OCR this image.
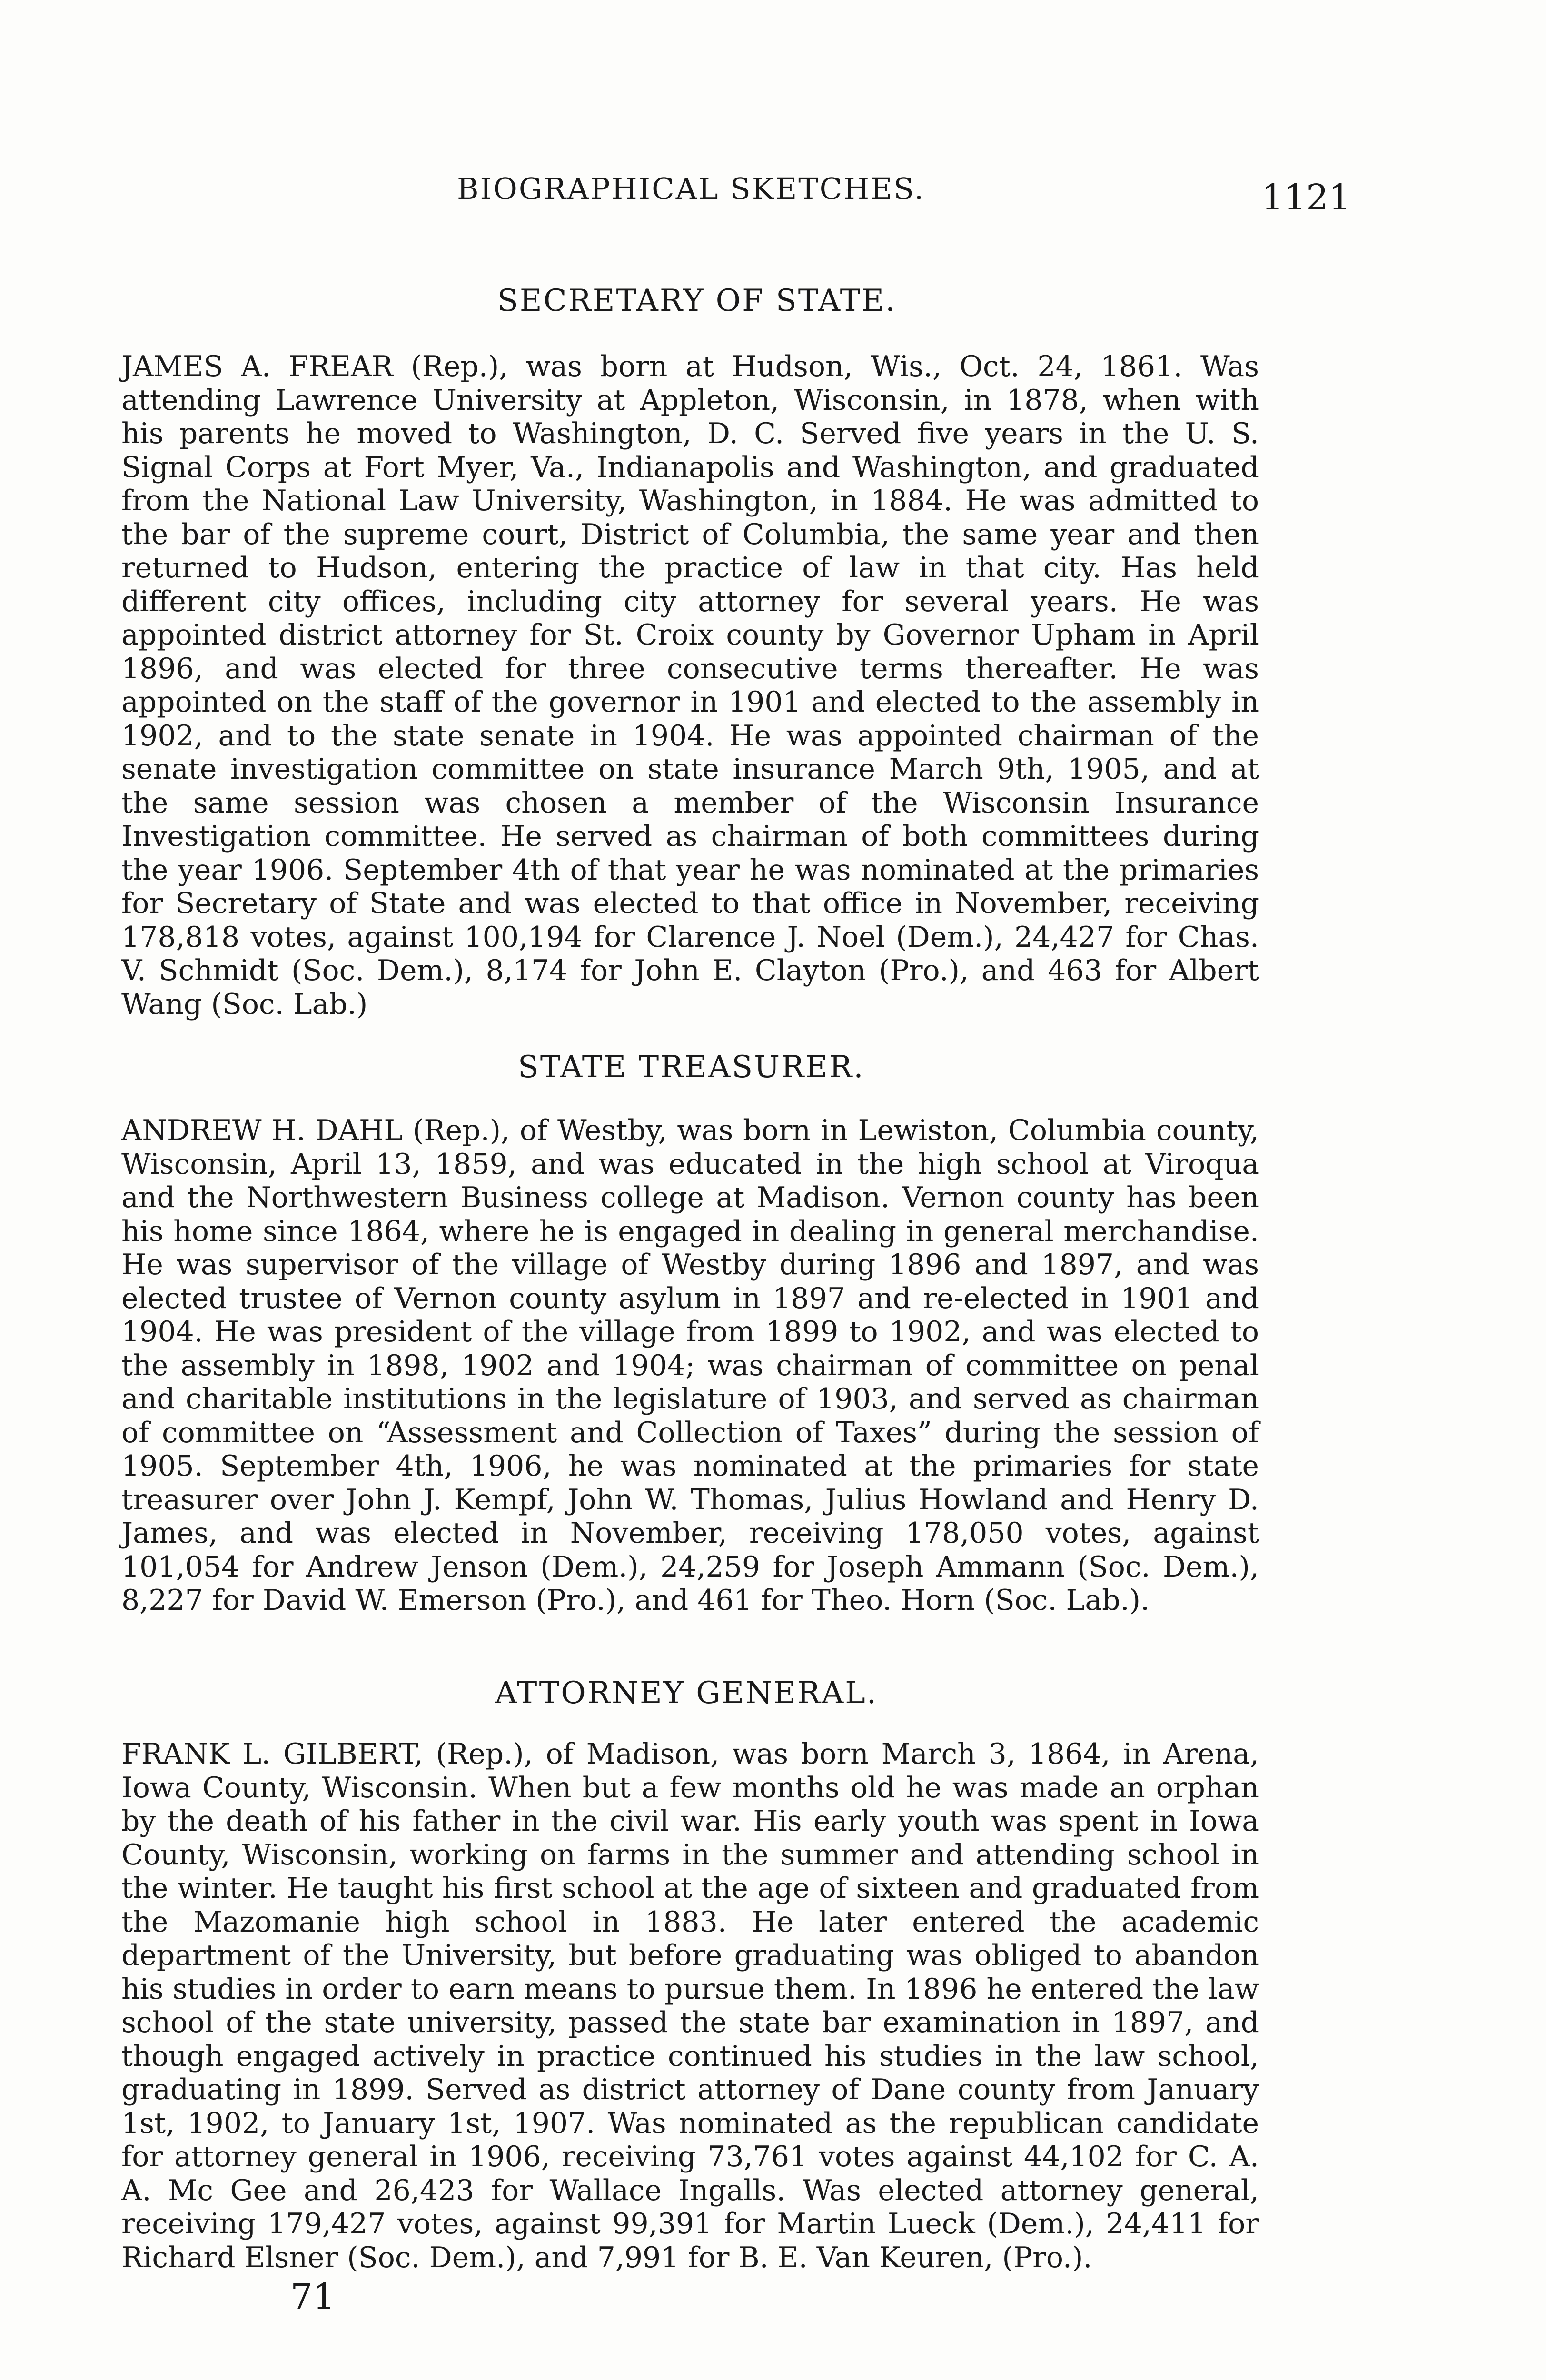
BIOGRAPHICAL SKETCHES.	1121
SECRETARY OF STATE.

JAMES A. FREAR (Rep.), was born at Hudson, Wis., Oct. 24, 1861. Was attending Lawrence University at Appleton, Wisconsin, in 1878, when with his parents he moved to Washington, D. C. Served five years in the U. S. Signal Corps at Fort Myer, Va., Indianapolis and Washington, and graduated from the National Law University, Washington, in 1884. He was admitted to the bar of the supreme court, District of Columbia, the same year and then returned to Hudson, entering the practice of law in that city. Has held different city offices, including city attorney for several years. He was appointed district attorney for St. Croix county by Governor Upham in April 1896, and was elected for three consecutive terms thereafter. He was appointed on the staff of the governor in 1901 and elected to the assembly in 1902, and to the state senate in 1904. He was appointed chairman of the senate investigation committee on state insurance March 9th, 1905, and at the same session was chosen a member of the Wisconsin Insurance Investigation committee. He served as chairman of both committees during the year 1906. September 4th of that year he was nominated at the primaries for Secretary of State and was elected to that office in November, receiving 178,818 votes, against 100,194 for Clarence J. Noel (Dem.), 24,427 for Chas. V. Schmidt (Soc. Dem.), 8,174 for John E. Clayton (Pro.), and 463 for Albert Wang (Soc. Lab.)

STATE TREASURER.

ANDREW H. DAHL (Rep.), of Westby, was born in Lewiston, Columbia county, Wisconsin, April 13, 1859, and was educated in the high school at Viroqua and the Northwestern Business college at Madison. Vernon county has been his home since 1864, where he is engaged in dealing in general merchandise. He was supervisor of the village of Westby during 1896 and 1897, and was elected trustee of Vernon county asylum in 1897 and re-elected in 1901 and 1904. He was president of the village from 1899 to 1902, and was elected to the assembly in 1898, 1902 and 1904; was chairman of committee on penal and charitable institutions in the legislature of 1903, and served as chairman of committee on “Assessment and Collection of Taxes” during the session of 1905. September 4th, 1906, he was nominated at the primaries for state treasurer over John J. Kempf, John W. Thomas, Julius Howland and Henry D. James, and was elected in November, receiving 178,050 votes, against 101,054 for Andrew Jenson (Dem.), 24,259 for Joseph Ammann (Soc. Dem.), 8,227 for David W. Emerson (Pro.), and 461 for Theo. Horn (Soc. Lab.).

ATTORNEY GENERAL.

FRANK L. GILBERT, (Rep.), of Madison, was born March 3, 1864, in Arena, Iowa County, Wisconsin. When but a few months old he was made an orphan by the death of his father in the civil war. His early youth was spent in Iowa County, Wisconsin, working on farms in the summer and attending school in the winter. He taught his first school at the age of sixteen and graduated from the Mazomanie high school in 1883. He later entered the academic department of the University, but before graduating was obliged to abandon his studies in order to earn means to pursue them. In 1896 he entered the law school of the state university, passed the state bar examination in 1897, and though engaged actively in practice continued his studies in the law school, graduating in 1899. Served as district attorney of Dane county from January 1st, 1902, to January 1st, 1907. Was nominated as the republican candidate for attorney general in 1906, receiving 73,761 votes against 44,102 for C. A. A. Mc Gee and 26,423 for Wallace Ingalls. Was elected attorney general, receiving 179,427 votes, against 99,391 for Martin Lueck (Dem.), 24,411 for Richard Elsner (Soc. Dem.), and 7,991 for B. E. Van Keuren, (Pro.).

71
